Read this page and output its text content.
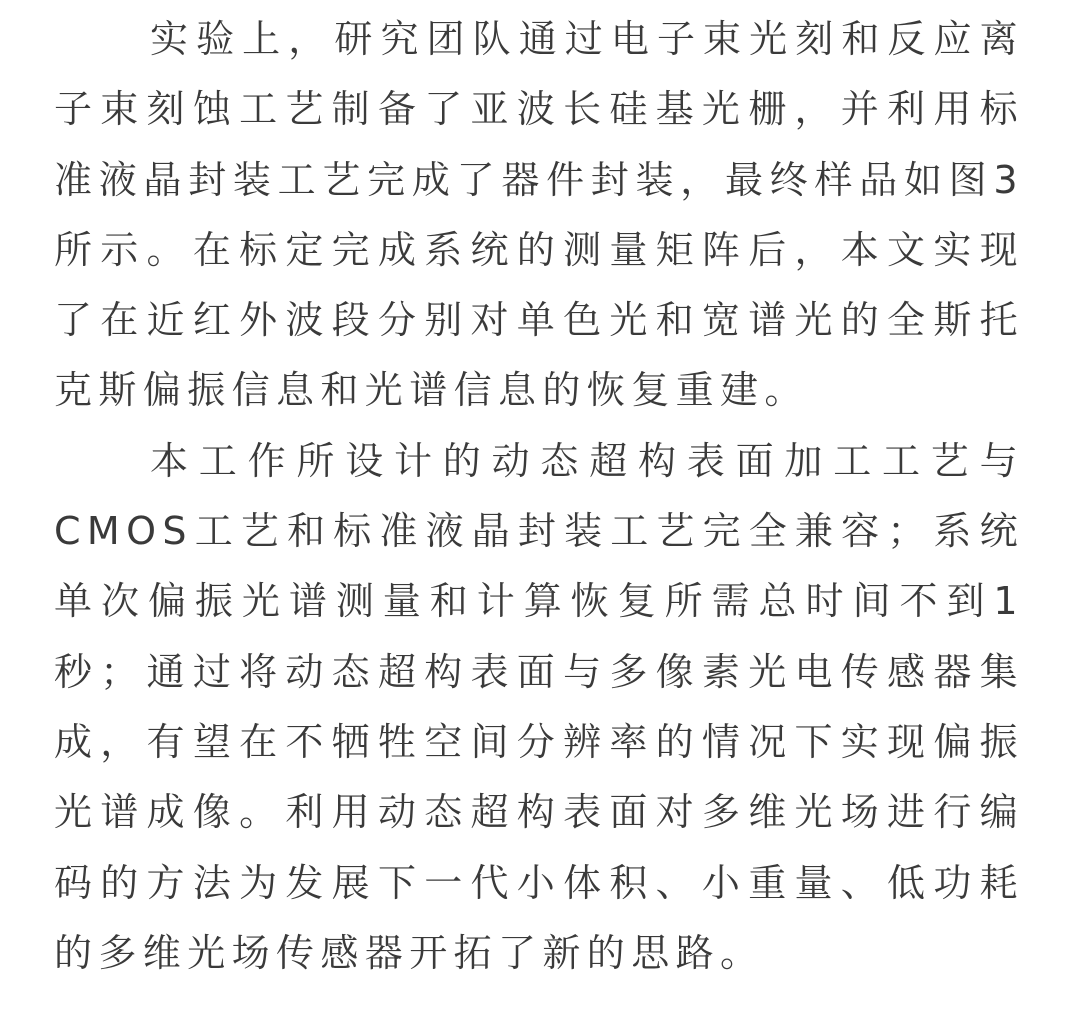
实验上，研究团队通过电子束光刻和反应离子束刻蚀工艺制备了亚波长硅基光栅，并利用标准液晶封装工艺完成了器件封装，最终样品如图3所示。在标定完成系统的测量矩阵后，本文实现了在近红外波段分别对单色光和宽谱光的全斯托克斯偏振信息和光谱信息的恢复重建。

本工作所设计的动态超构表面加工工艺与CMOS工艺和标准液晶封装工艺完全兼容；系统单次偏振光谱测量和计算恢复所需总时间不到1秒；通过将动态超构表面与多像素光电传感器集成，有望在不牺牲空间分辨率的情况下实现偏振光谱成像。利用动态超构表面对多维光场进行编码的方法为发展下一代小体积、小重量、低功耗的多维光场传感器开拓了新的思路。
